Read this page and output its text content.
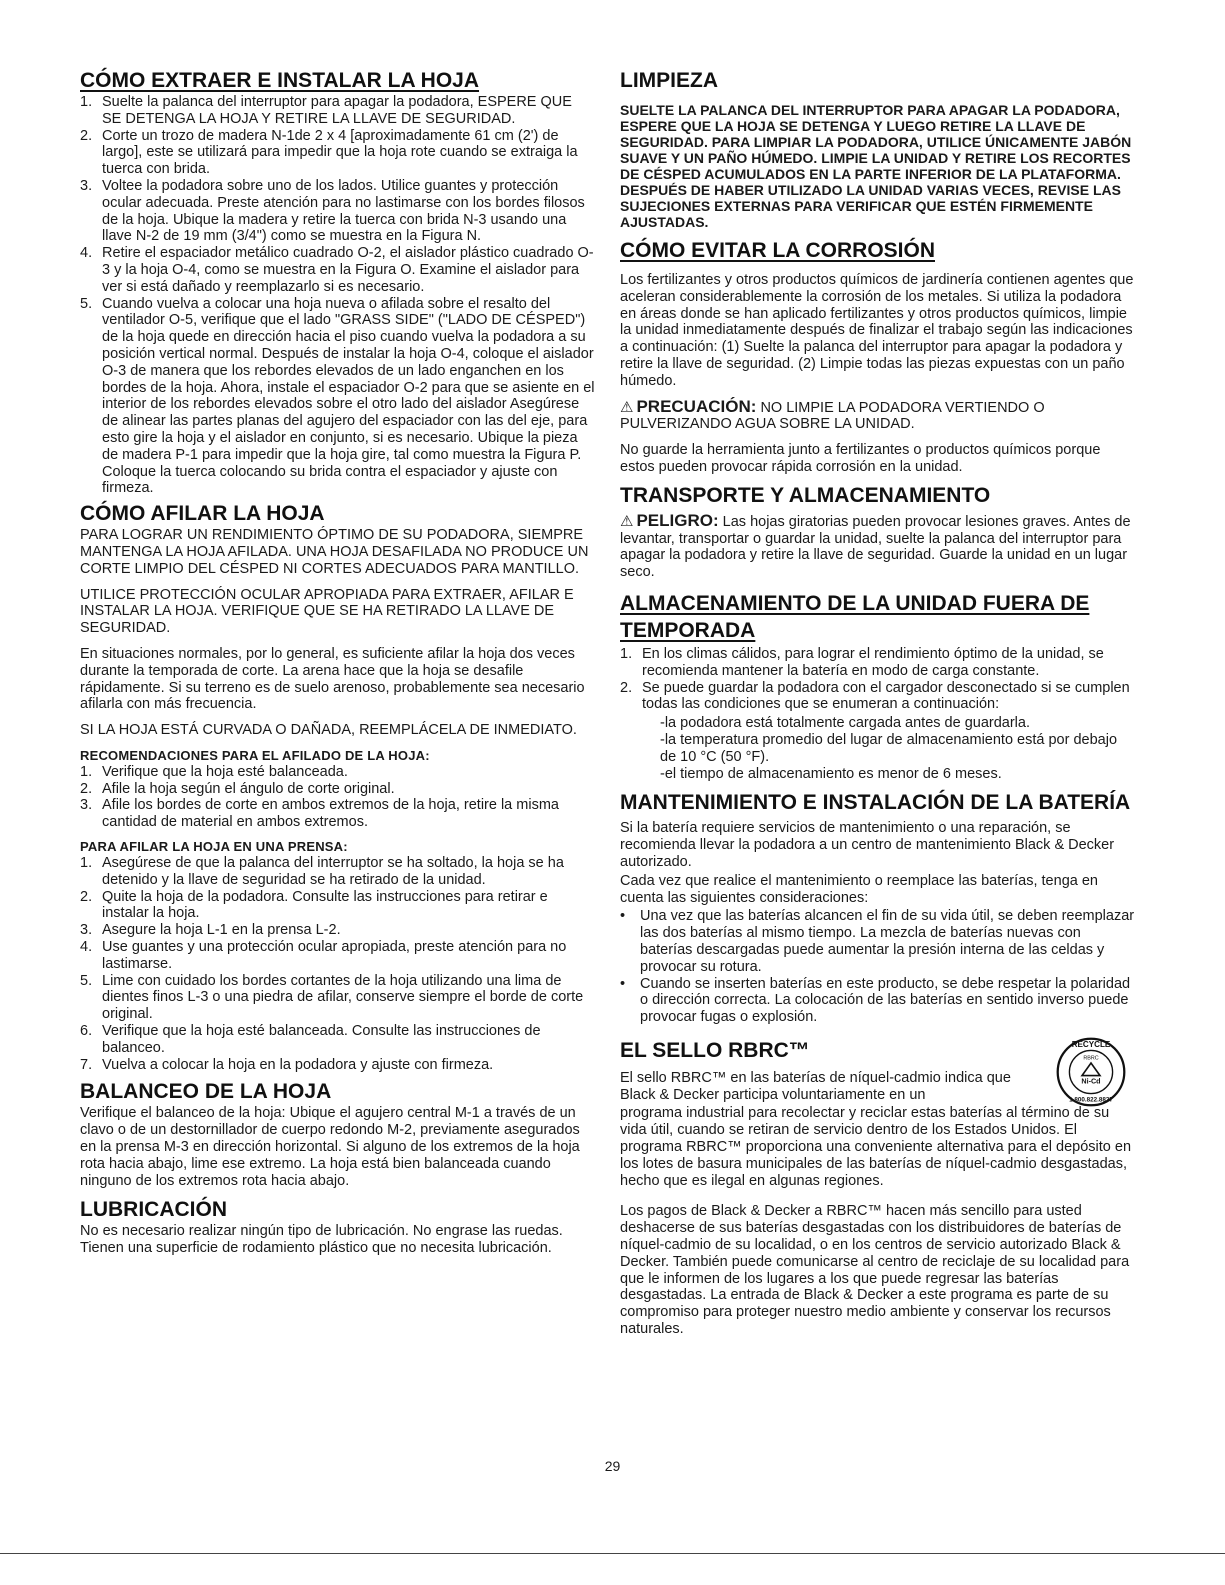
CÓMO EXTRAER E INSTALAR LA HOJA
1. Suelte la palanca del interruptor para apagar la podadora, ESPERE QUE SE DETENGA LA HOJA Y RETIRE LA LLAVE DE SEGURIDAD.
2. Corte un trozo de madera N-1de 2 x 4 [aproximadamente 61 cm (2') de largo], este se utilizará para impedir que la hoja rote cuando se extraiga la tuerca con brida.
3. Voltee la podadora sobre uno de los lados. Utilice guantes y protección ocular adecuada. Preste atención para no lastimarse con los bordes filosos de la hoja. Ubique la madera y retire la tuerca con brida N-3 usando una llave N-2 de 19 mm (3/4") como se muestra en la Figura N.
4. Retire el espaciador metálico cuadrado O-2, el aislador plástico cuadrado O-3 y la hoja O-4, como se muestra en la Figura O. Examine el aislador para ver si está dañado y reemplazarlo si es necesario.
5. Cuando vuelva a colocar una hoja nueva o afilada sobre el resalto del ventilador O-5, verifique que el lado "GRASS SIDE" ("LADO DE CÉSPED") de la hoja quede en dirección hacia el piso cuando vuelva la podadora a su posición vertical normal. Después de instalar la hoja O-4, coloque el aislador O-3 de manera que los rebordes elevados de un lado enganchen en los bordes de la hoja. Ahora, instale el espaciador O-2 para que se asiente en el interior de los rebordes elevados sobre el otro lado del aislador Asegúrese de alinear las partes planas del agujero del espaciador con las del eje, para esto gire la hoja y el aislador en conjunto, si es necesario. Ubique la pieza de madera P-1 para impedir que la hoja gire, tal como muestra la Figura P. Coloque la tuerca colocando su brida contra el espaciador y ajuste con firmeza.
CÓMO AFILAR LA HOJA

PARA LOGRAR UN RENDIMIENTO ÓPTIMO DE SU PODADORA, SIEMPRE MANTENGA LA HOJA AFILADA. UNA HOJA DESAFILADA NO PRODUCE UN CORTE LIMPIO DEL CÉSPED NI CORTES ADECUADOS PARA MANTILLO.

UTILICE PROTECCIÓN OCULAR APROPIADA PARA EXTRAER, AFILAR E INSTALAR LA HOJA. VERIFIQUE QUE SE HA RETIRADO LA LLAVE DE SEGURIDAD.

En situaciones normales, por lo general, es suficiente afilar la hoja dos veces durante la temporada de corte. La arena hace que la hoja se desafile rápidamente. Si su terreno es de suelo arenoso, probablemente sea necesario afilarla con más frecuencia.

SI LA HOJA ESTÁ CURVADA O DAÑADA, REEMPLÁCELA DE INMEDIATO.

RECOMENDACIONES PARA EL AFILADO DE LA HOJA:
1. Verifique que la hoja esté balanceada.
2. Afile la hoja según el ángulo de corte original.
3. Afile los bordes de corte en ambos extremos de la hoja, retire la misma cantidad de material en ambos extremos.
PARA AFILAR LA HOJA EN UNA PRENSA:
1. Asegúrese de que la palanca del interruptor se ha soltado, la hoja se ha detenido y la llave de seguridad se ha retirado de la unidad.
2. Quite la hoja de la podadora. Consulte las instrucciones para retirar e instalar la hoja.
3. Asegure la hoja L-1 en la prensa L-2.
4. Use guantes y una protección ocular apropiada, preste atención para no lastimarse.
5. Lime con cuidado los bordes cortantes de la hoja utilizando una lima de dientes finos L-3 o una piedra de afilar, conserve siempre el borde de corte original.
6. Verifique que la hoja esté balanceada. Consulte las instrucciones de balanceo.
7. Vuelva a colocar la hoja en la podadora y ajuste con firmeza.
BALANCEO DE LA HOJA

Verifique el balanceo de la hoja: Ubique el agujero central M-1 a través de un clavo o de un destornillador de cuerpo redondo M-2, previamente asegurados en la prensa M-3 en dirección horizontal. Si alguno de los extremos de la hoja rota hacia abajo, lime ese extremo. La hoja está bien balanceada cuando ninguno de los extremos rota hacia abajo.

LUBRICACIÓN

No es necesario realizar ningún tipo de lubricación. No engrase las ruedas. Tienen una superficie de rodamiento plástico que no necesita lubricación.

LIMPIEZA

SUELTE LA PALANCA DEL INTERRUPTOR PARA APAGAR LA PODADORA, ESPERE QUE LA HOJA SE DETENGA Y LUEGO RETIRE LA LLAVE DE SEGURIDAD. PARA LIMPIAR LA PODADORA, UTILICE ÚNICAMENTE JABÓN SUAVE Y UN PAÑO HÚMEDO. LIMPIE LA UNIDAD Y RETIRE LOS RECORTES DE CÉSPED ACUMULADOS EN LA PARTE INFERIOR DE LA PLATAFORMA. DESPUÉS DE HABER UTILIZADO LA UNIDAD VARIAS VECES, REVISE LAS SUJECIONES EXTERNAS PARA VERIFICAR QUE ESTÉN FIRMEMENTE AJUSTADAS.

CÓMO EVITAR LA CORROSIÓN

Los fertilizantes y otros productos químicos de jardinería contienen agentes que aceleran considerablemente la corrosión de los metales. Si utiliza la podadora en áreas donde se han aplicado fertilizantes y otros productos químicos, limpie la unidad inmediatamente después de finalizar el trabajo según las indicaciones a continuación: (1) Suelte la palanca del interruptor para apagar la podadora y retire la llave de seguridad. (2) Limpie todas las piezas expuestas con un paño húmedo.

⚠ PRECUACIÓN: NO LIMPIE LA PODADORA VERTIENDO O PULVERIZANDO AGUA SOBRE LA UNIDAD.

No guarde la herramienta junto a fertilizantes o productos químicos porque estos pueden provocar rápida corrosión en la unidad.

TRANSPORTE Y ALMACENAMIENTO

⚠ PELIGRO: Las hojas giratorias pueden provocar lesiones graves. Antes de levantar, transportar o guardar la unidad, suelte la palanca del interruptor para apagar la podadora y retire la llave de seguridad. Guarde la unidad en un lugar seco.

ALMACENAMIENTO DE LA UNIDAD FUERA DE TEMPORADA
1. En los climas cálidos, para lograr el rendimiento óptimo de la unidad, se recomienda mantener la batería en modo de carga constante.
2. Se puede guardar la podadora con el cargador desconectado si se cumplen todas las condiciones que se enumeran a continuación:
-la podadora está totalmente cargada antes de guardarla.
-la temperatura promedio del lugar de almacenamiento está por debajo de 10 °C (50 °F).
-el tiempo de almacenamiento es menor de 6 meses.
MANTENIMIENTO E INSTALACIÓN DE LA BATERÍA

Si la batería requiere servicios de mantenimiento o una reparación, se recomienda llevar la podadora a un centro de mantenimiento Black & Decker autorizado.

Cada vez que realice el mantenimiento o reemplace las baterías, tenga en cuenta las siguientes consideraciones:

• Una vez que las baterías alcancen el fin de su vida útil, se deben reemplazar las dos baterías al mismo tiempo. La mezcla de baterías nuevas con baterías descargadas puede aumentar la presión interna de las celdas y provocar su rotura.
• Cuando se inserten baterías en este producto, se debe respetar la polaridad o dirección correcta. La colocación de las baterías en sentido inverso puede provocar fugas o explosión.
EL SELLO RBRC™	RECYCLE
RBRC
Ni-Cd
1.800.822.8837

El sello RBRC™ en las baterías de níquel-cadmio indica que Black & Decker participa voluntariamente en un

programa industrial para recolectar y reciclar estas baterías al término de su vida útil, cuando se retiran de servicio dentro de los Estados Unidos. El programa RBRC™ proporciona una conveniente alternativa para el depósito en los lotes de basura municipales de las baterías de níquel-cadmio desgastadas, hecho que es ilegal en algunas regiones.

Los pagos de Black & Decker a RBRC™ hacen más sencillo para usted deshacerse de sus baterías desgastadas con los distribuidores de baterías de níquel-cadmio de su localidad, o en los centros de servicio autorizado Black & Decker. También puede comunicarse al centro de reciclaje de su localidad para que le informen de los lugares a los que puede regresar las baterías desgastadas. La entrada de Black & Decker a este programa es parte de su compromiso para proteger nuestro medio ambiente y conservar los recursos naturales.

29
